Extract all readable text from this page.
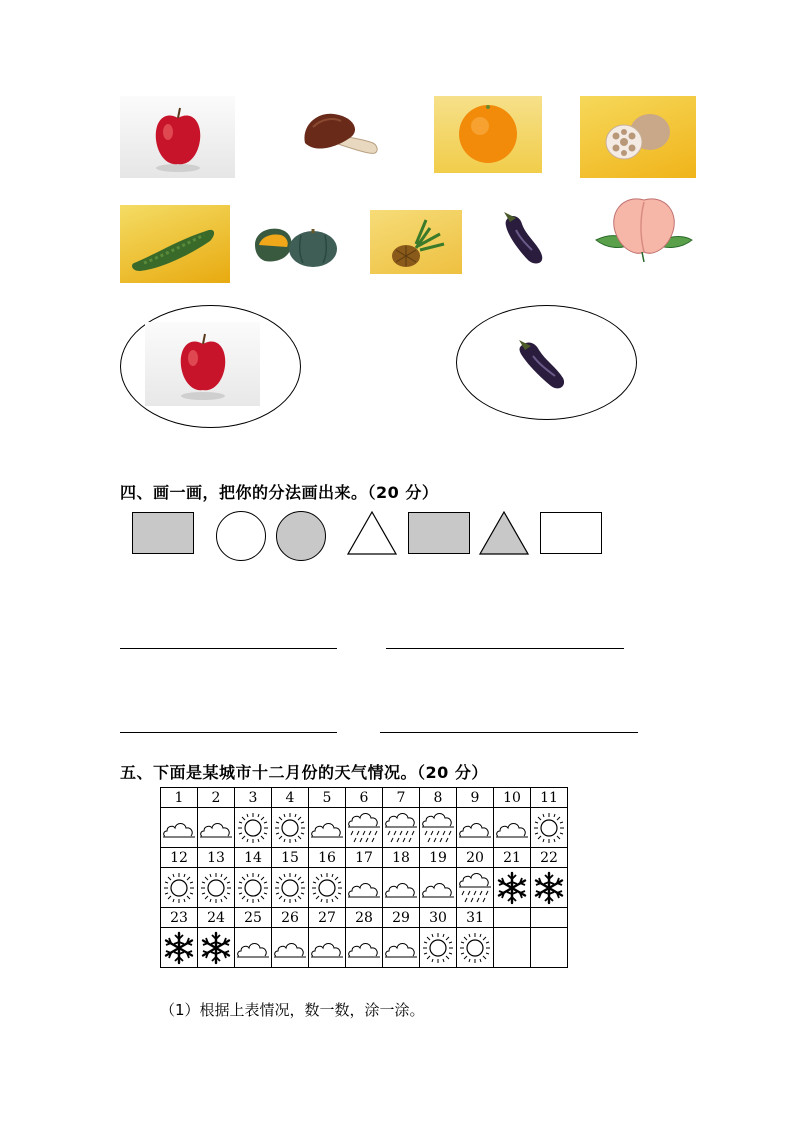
四、画一画，把你的分法画出来。（20 分）
五、下面是某城市十二月份的天气情况。（20 分）
1	2	3	4	5	6	7	8	9	10	11

12	13	14	15	16	17	18	19	20	21	22

23	24	25	26	27	28	29	30	31		

（1）根据上表情况，数一数，涂一涂。
